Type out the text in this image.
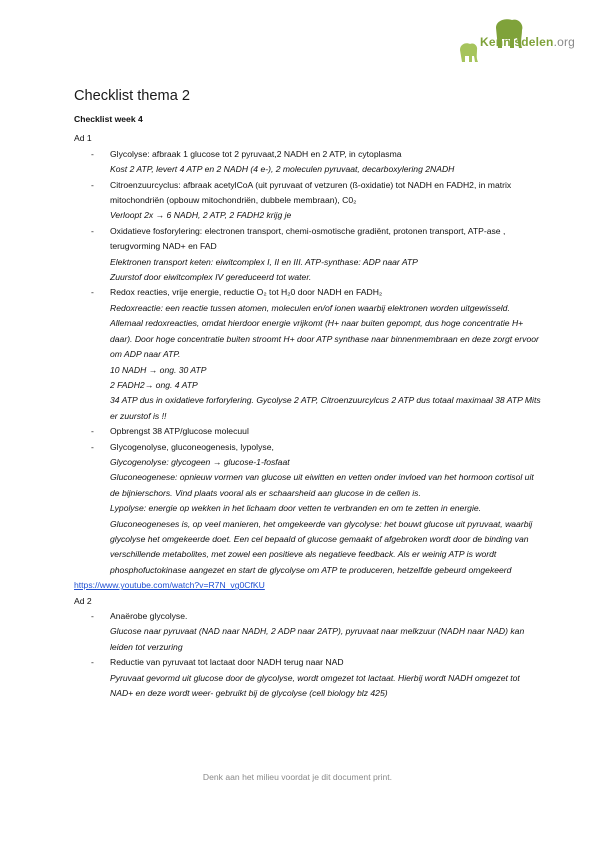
Kennisdelen.org
Checklist thema 2
Checklist week 4
Ad 1
- Glycolyse: afbraak 1 glucose tot 2 pyruvaat,2 NADH en 2 ATP, in cytoplasma
Kost 2 ATP, levert 4 ATP en 2 NADH (4 e-), 2 moleculen pyruvaat, decarboxylering 2NADH
- Citroenzuurcyclus: afbraak acetylCoA (uit pyruvaat of vetzuren (ß-oxidatie) tot NADH en FADH2, in matrix mitochondriën (opbouw mitochondriën, dubbele membraan), C0₂
Verloopt 2x → 6 NADH, 2 ATP, 2 FADH2 krijg je
- Oxidatieve fosforylering: electronen transport, chemi-osmotische gradiënt, protonen transport, ATP-ase , terugvorming NAD+ en FAD
Elektronen transport keten: eiwitcomplex I, II en III. ATP-synthase: ADP naar ATP
Zuurstof door eiwitcomplex IV gereduceerd tot water.
- Redox reacties, vrije energie, reductie O₂ tot H₂0 door NADH en FADH₂
Redoxreactie: een reactie tussen atomen, moleculen en/of ionen waarbij elektronen worden uitgewisseld.
Allemaal redoxreacties, omdat hierdoor energie vrijkomt (H+ naar buiten gepompt, dus hoge concentratie H+ daar). Door hoge concentratie buiten stroomt H+ door ATP synthase naar binnenmembraan en deze zorgt ervoor om ADP naar ATP.
10 NADH → ong. 30 ATP
2 FADH2→ ong. 4 ATP
34 ATP dus in oxidatieve forforylering. Gycolyse 2 ATP, Citroenzuurcylcus 2 ATP dus totaal maximaal 38 ATP Mits er zuurstof is !!
- Opbrengst 38 ATP/glucose molecuul
- Glycogenolyse, gluconeogenesis, lypolyse,
Glycogenolyse: glycogeen → glucose-1-fosfaat
Gluconeogenese: opnieuw vormen van glucose uit eiwitten en vetten onder invloed van het hormoon cortisol uit de bijnierschors. Vind plaats vooral als er schaarsheid aan glucose in de cellen is.
Lypolyse: energie op wekken in het lichaam door vetten te verbranden en om te zetten in energie.
Gluconeogeneses is, op veel manieren, het omgekeerde van glycolyse: het bouwt glucose uit pyruvaat, waarbij glycolyse het omgekeerde doet. Een cel bepaald of glucose gemaakt of afgebroken wordt door de binding van verschillende metabolites, met zowel een positieve als negatieve feedback. Als er weinig ATP is wordt phosphofuctokinase aangezet en start de glycolyse om ATP te produceren, hetzelfde gebeurd omgekeerd
https://www.youtube.com/watch?v=R7N_vg0CfKU
Ad 2
- Anaërobe glycolyse.
Glucose naar pyruvaat (NAD naar NADH, 2 ADP naar 2ATP), pyruvaat naar melkzuur (NADH naar NAD) kan leiden tot verzuring
- Reductie van pyruvaat tot lactaat door NADH terug naar NAD
Pyruvaat gevormd uit glucose door de glycolyse, wordt omgezet tot lactaat. Hierbij wordt NADH omgezet tot NAD+ en deze wordt weer- gebruikt bij de glycolyse (cell biology blz 425)
Denk aan het milieu voordat je dit document print.
